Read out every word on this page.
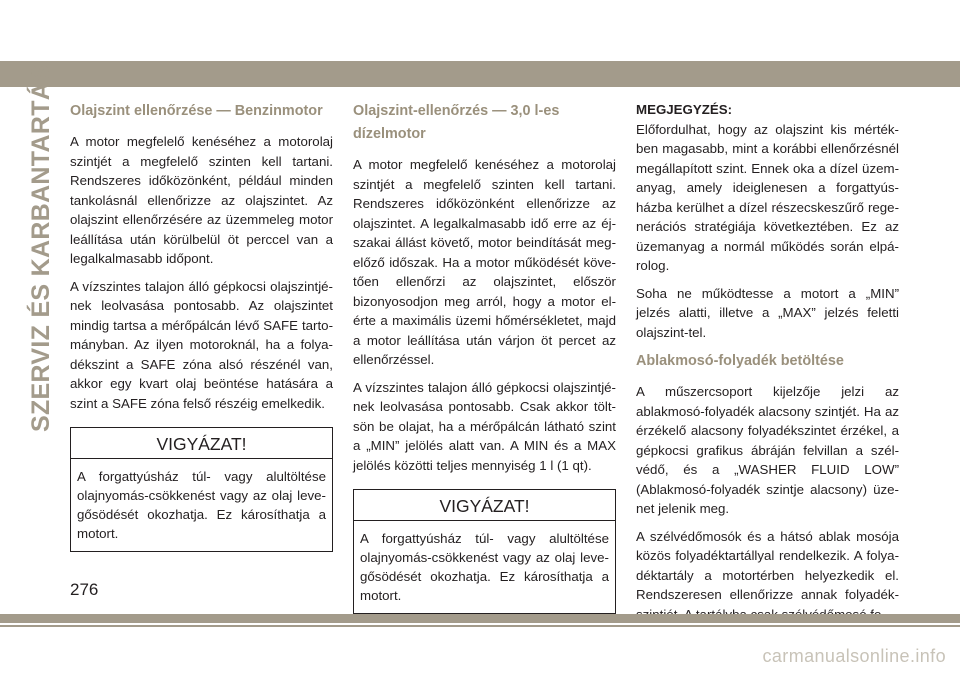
SZERVIZ ÉS KARBANTARTÁS Olajszint ellenőrzése — Benzinmotor

A motor megfelelő kenéséhez a motorolaj szintjét a megfelelő szinten kell tartani. Rendszeres időközönként, például minden tankolásnál ellenőrizze az olajszintet. Az olajszint ellenőrzésére az üzemmeleg motor leállítása után körülbelül öt perccel van a legalkalmasabb időpont.

A vízszintes talajon álló gépkocsi olajszintjé-nek leolvasása pontosabb. Az olajszintet mindig tartsa a mérőpálcán lévő SAFE tarto-mányban. Az ilyen motoroknál, ha a folya-dékszint a SAFE zóna alsó részénél van, akkor egy kvart olaj beöntése hatására a szint a SAFE zóna felső részéig emelkedik.

VIGYÁZAT!
A forgattyúsház túl- vagy alultöltése olajnyomás-csökkenést vagy az olaj leve-gősödését okozhatja. Ez károsíthatja a motort.
Olajszint-ellenőrzés — 3,0 l-es dízelmotor

A motor megfelelő kenéséhez a motorolaj szintjét a megfelelő szinten kell tartani. Rendszeres időközönként ellenőrizze az olajszintet. A legalkalmasabb idő erre az éj-szakai állást követő, motor beindítását meg-előző időszak. Ha a motor működését köve-tően ellenőrzi az olajszintet, először bizonyosodjon meg arról, hogy a motor el-érte a maximális üzemi hőmérsékletet, majd a motor leállítása után várjon öt percet az ellenőrzéssel.

A vízszintes talajon álló gépkocsi olajszintjé-nek leolvasása pontosabb. Csak akkor tölt-sön be olajat, ha a mérőpálcán látható szint a „MIN” jelölés alatt van. A MIN és a MAX jelölés közötti teljes mennyiség 1 l (1 qt).

VIGYÁZAT!
A forgattyúsház túl- vagy alultöltése olajnyomás-csökkenést vagy az olaj leve-gősödését okozhatja. Ez károsíthatja a motort.

MEGJEGYZÉS:

Előfordulhat, hogy az olajszint kis mérték-ben magasabb, mint a korábbi ellenőrzésnél megállapított szint. Ennek oka a dízel üzem-anyag, amely ideiglenesen a forgattyús-házba kerülhet a dízel részecskeszűrő rege-nerációs stratégiája következtében. Ez az üzemanyag a normál működés során elpá-rolog.

Soha ne működtesse a motort a „MIN” jelzés alatti, illetve a „MAX” jelzés feletti olajszint-tel.

Ablakmosó-folyadék betöltése

A műszercsoport kijelzője jelzi az ablakmosó-folyadék alacsony szintjét. Ha az érzékelő alacsony folyadékszintet érzékel, a gépkocsi grafikus ábráján felvillan a szél-védő, és a „WASHER FLUID LOW” (Ablakmosó-folyadék szintje alacsony) üze-net jelenik meg.

A szélvédőmosók és a hátsó ablak mosója közös folyadéktartállyal rendelkezik. A folya-déktartály a motortérben helyezkedik el. Rendszeresen ellenőrizze annak folyadék-

276
carmanualsonline.info
